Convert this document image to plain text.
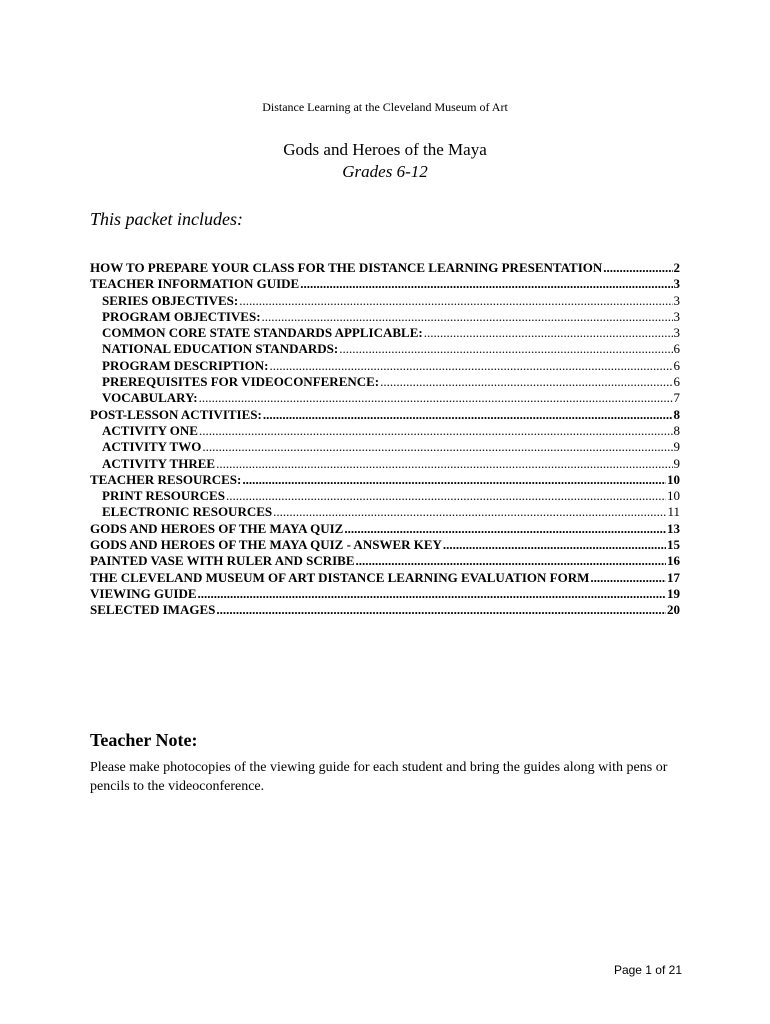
Distance Learning at the Cleveland Museum of Art
Gods and Heroes of the Maya
Grades 6-12
This packet includes:
HOW TO PREPARE YOUR CLASS FOR THE DISTANCE LEARNING PRESENTATION .....	2
TEACHER INFORMATION GUIDE .....	3
SERIES OBJECTIVES: .....	3
PROGRAM OBJECTIVES: .....	3
COMMON CORE STATE STANDARDS APPLICABLE: .....	3
NATIONAL EDUCATION STANDARDS: .....	6
PROGRAM DESCRIPTION: .....	6
PREREQUISITES FOR VIDEOCONFERENCE: .....	6
VOCABULARY: .....	7
POST-LESSON ACTIVITIES: .....	8
ACTIVITY ONE .....	8
ACTIVITY TWO .....	9
ACTIVITY THREE .....	9
TEACHER RESOURCES: .....	10
PRINT RESOURCES .....	10
ELECTRONIC RESOURCES .....	11
GODS AND HEROES OF THE MAYA QUIZ .....	13
GODS AND HEROES OF THE MAYA QUIZ - ANSWER KEY .....	15
PAINTED VASE WITH RULER AND SCRIBE .....	16
THE CLEVELAND MUSEUM OF ART DISTANCE LEARNING EVALUATION FORM .....	17
VIEWING GUIDE .....	19
SELECTED IMAGES .....	20
Teacher Note:
Please make photocopies of the viewing guide for each student and bring the guides along with pens or pencils to the videoconference.
Page 1 of 21
